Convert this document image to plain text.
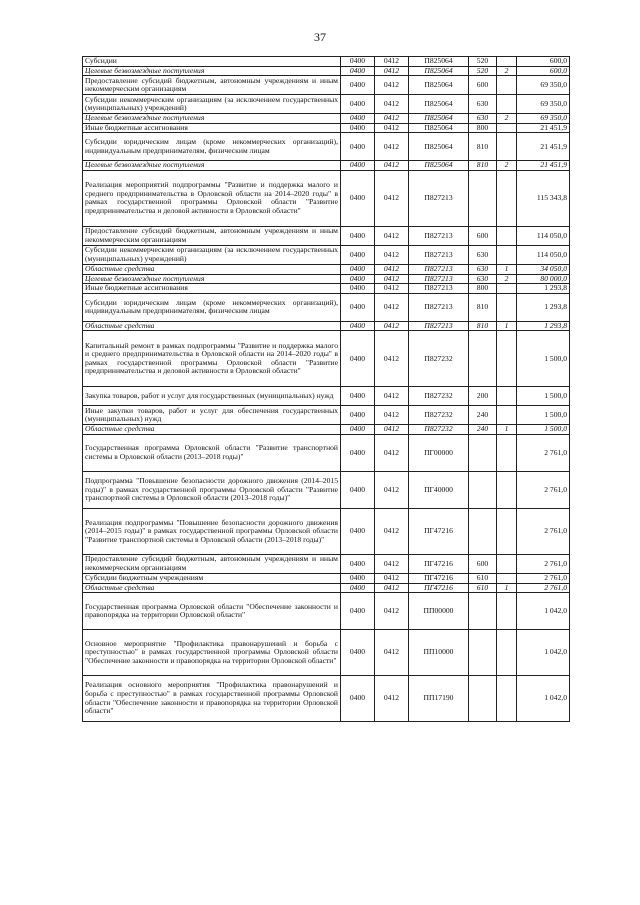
37
Субсидии	0400	0412	П825064	520		600,0
Целевые безвозмездные поступления	0400	0412	П825064	520	2	600,0
Предоставление субсидий бюджетным, автономным учреждениям и иным некоммерческим организациям	0400	0412	П825064	600		69 350,0
Субсидии некоммерческим организациям (за исключением государственных (муниципальных) учреждений)	0400	0412	П825064	630		69 350,0
Целевые безвозмездные поступления	0400	0412	П825064	630	2	69 350,0
Иные бюджетные ассигнования	0400	0412	П825064	800		21 451,9
Субсидии юридическим лицам (кроме некоммерческих организаций), индивидуальным предпринимателям, физическим лицам	0400	0412	П825064	810		21 451,9
Целевые безвозмездные поступления	0400	0412	П825064	810	2	21 451,9
Реализация мероприятий подпрограммы "Развитие и поддержка малого и среднего предпринимательства в Орловской области на 2014–2020 годы" в рамках государственной программы Орловской области "Развитие предпринимательства и деловой активности в Орловской области"	0400	0412	П827213			115 343,8
Предоставление субсидий бюджетным, автономным учреждениям и иным некоммерческим организациям	0400	0412	П827213	600		114 050,0
Субсидии некоммерческим организациям (за исключением государственных (муниципальных) учреждений)	0400	0412	П827213	630		114 050,0
Областные средства	0400	0412	П827213	630	1	34 050,0
Целевые безвозмездные поступления	0400	0412	П827213	630	2	80 000,0
Иные бюджетные ассигнования	0400	0412	П827213	800		1 293,8
Субсидии юридическим лицам (кроме некоммерческих организаций), индивидуальным предпринимателям, физическим лицам	0400	0412	П827213	810		1 293,8
Областные средства	0400	0412	П827213	810	1	1 293,8
Капитальный ремонт в рамках подпрограммы "Развитие и поддержка малого и среднего предпринимательства в Орловской области на 2014–2020 годы" в рамках государственной программы Орловской области "Развитие предпринимательства и деловой активности в Орловской области"	0400	0412	П827232			1 500,0
Закупка товаров, работ и услуг для государственных (муниципальных) нужд	0400	0412	П827232	200		1 500,0
Иные закупки товаров, работ и услуг для обеспечения государственных (муниципальных) нужд	0400	0412	П827232	240		1 500,0
Областные средства	0400	0412	П827232	240	1	1 500,0
Государственная программа Орловской области "Развитие транспортной системы в Орловской области (2013–2018 годы)"	0400	0412	ПГ00000			2 761,0
Подпрограмма "Повышение безопасности дорожного движения (2014–2015 годы)" в рамках государственной программы Орловской области "Развитие транспортной системы в Орловской области (2013–2018 годы)"	0400	0412	ПГ40000			2 761,0
Реализация подпрограммы "Повышение безопасности дорожного движения (2014–2015 годы)" в рамках государственной программы Орловской области "Развитие транспортной системы в Орловской области (2013–2018 годы)"	0400	0412	ПГ47216			2 761,0
Предоставление субсидий бюджетным, автономным учреждениям и иным некоммерческим организациям	0400	0412	ПГ47216	600		2 761,0
Субсидии бюджетным учреждениям	0400	0412	ПГ47216	610		2 761,0
Областные средства	0400	0412	ПГ47216	610	1	2 761,0
Государственная программа Орловской области "Обеспечение законности и правопорядка на территории Орловской области"	0400	0412	ПП00000			1 042,0
Основное мероприятие "Профилактика правонарушений и борьба с преступностью" в рамках государственной программы Орловской области "Обеспечение законности и правопорядка на территории Орловской области"	0400	0412	ПП10000			1 042,0
Реализация основного мероприятия "Профилактика правонарушений и борьба с преступностью" в рамках государственной программы Орловской области "Обеспечение законности и правопорядка на территории Орловской области"	0400	0412	ПП17190			1 042,0
